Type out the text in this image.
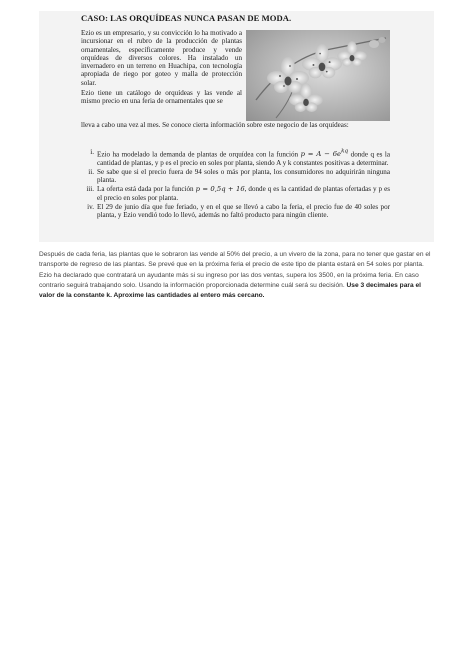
CASO: LAS ORQUÍDEAS NUNCA PASAN DE MODA.

Ezio es un empresario, y su convicción lo ha motivado a incursionar en el rubro de la producción de plantas ornamentales, específicamente produce y vende orquídeas de diversos colores. Ha instalado un invernadero en un terreno en Huachipa, con tecnología apropiada de riego por goteo y malla de protección solar.

Ezio tiene un catálogo de orquídeas y las vende al mismo precio en una feria de ornamentales que se

lleva a cabo una vez al mes. Se conoce cierta información sobre este negocio de las orquídeas:

i. Ezio ha modelado la demanda de plantas de orquídea con la función $p = A - 6e^{kq}$ donde q es la cantidad de plantas, y p es el precio en soles por planta, siendo A y k constantes positivas a determinar.
ii. Se sabe que si el precio fuera de 94 soles o más por planta, los consumidores no adquirirán ninguna planta.
iii. La oferta está dada por la función p = 0,5q + 16, donde q es la cantidad de plantas ofertadas y p es el precio en soles por planta.
iv. El 29 de junio día que fue feriado, y en el que se llevó a cabo la feria, el precio fue de 40 soles por planta, y Ezio vendió todo lo llevó, además no faltó producto para ningún cliente.

Después de cada feria, las plantas que le sobraron las vende al 50% del precio, a un vivero de la zona, para no tener que gastar en el transporte de regreso de las plantas. Se prevé que en la próxima feria el precio de este tipo de planta estará en 54 soles por planta. Ezio ha declarado que contratará un ayudante más si su ingreso por las dos ventas, supera los 3500, en la próxima feria. En caso contrario seguirá trabajando solo. Usando la información proporcionada determine cuál será su decisión. Use 3 decimales para el valor de la constante k. Aproxime las cantidades al entero más cercano.
